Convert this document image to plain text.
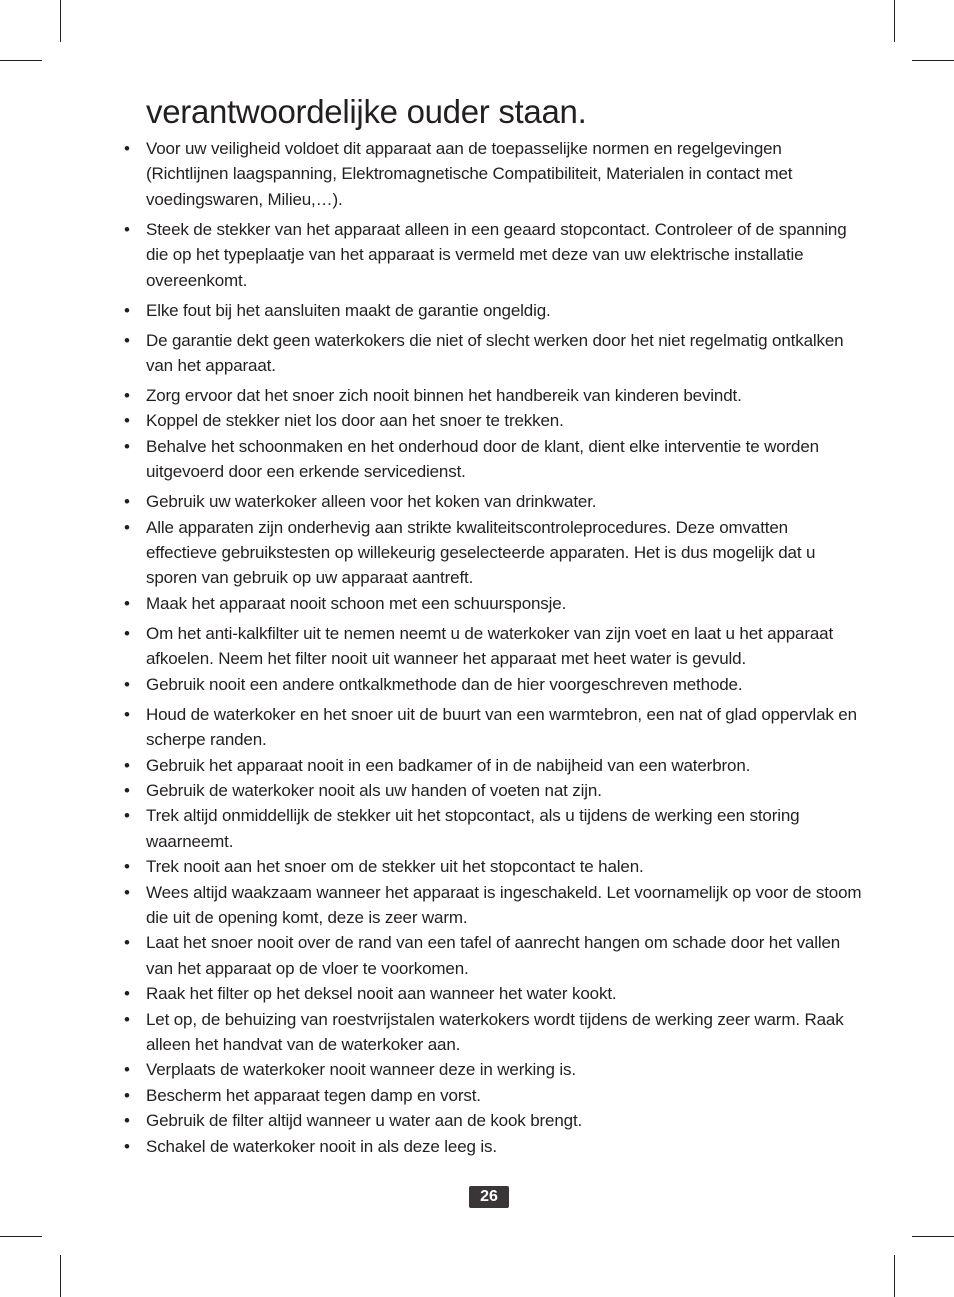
verantwoordelijke ouder staan.
• Voor uw veiligheid voldoet dit apparaat aan de toepasselijke normen en regelgevingen (Richtlijnen laagspanning, Elektromagnetische Compatibiliteit, Materialen in contact met voedingswaren, Milieu,…).
• Steek de stekker van het apparaat alleen in een geaard stopcontact. Controleer of de spanning die op het typeplaatje van het apparaat is vermeld met deze van uw elektrische installatie overeenkomt.
• Elke fout bij het aansluiten maakt de garantie ongeldig.
• De garantie dekt geen waterkokers die niet of slecht werken door het niet regelmatig ontkalken van het apparaat.
• Zorg ervoor dat het snoer zich nooit binnen het handbereik van kinderen bevindt.
• Koppel de stekker niet los door aan het snoer te trekken.
• Behalve het schoonmaken en het onderhoud door de klant, dient elke interventie te worden uitgevoerd door een erkende servicedienst.
• Gebruik uw waterkoker alleen voor het koken van drinkwater.
• Alle apparaten zijn onderhevig aan strikte kwaliteitscontroleprocedures. Deze omvatten effectieve gebruikstesten op willekeurig geselecteerde apparaten. Het is dus mogelijk dat u sporen van gebruik op uw apparaat aantreft.
• Maak het apparaat nooit schoon met een schuursponsje.
• Om het anti-kalkfilter uit te nemen neemt u de waterkoker van zijn voet en laat u het apparaat afkoelen. Neem het filter nooit uit wanneer het apparaat met heet water is gevuld.
• Gebruik nooit een andere ontkalkmethode dan de hier voorgeschreven methode.
• Houd de waterkoker en het snoer uit de buurt van een warmtebron, een nat of glad oppervlak en scherpe randen.
• Gebruik het apparaat nooit in een badkamer of in de nabijheid van een waterbron.
• Gebruik de waterkoker nooit als uw handen of voeten nat zijn.
• Trek altijd onmiddellijk de stekker uit het stopcontact, als u tijdens de werking een storing waarneemt.
• Trek nooit aan het snoer om de stekker uit het stopcontact te halen.
• Wees altijd waakzaam wanneer het apparaat is ingeschakeld. Let voornamelijk op voor de stoom die uit de opening komt, deze is zeer warm.
• Laat het snoer nooit over de rand van een tafel of aanrecht hangen om schade door het vallen van het apparaat op de vloer te voorkomen.
• Raak het filter op het deksel nooit aan wanneer het water kookt.
• Let op, de behuizing van roestvrijstalen waterkokers wordt tijdens de werking zeer warm. Raak alleen het handvat van de waterkoker aan.
• Verplaats de waterkoker nooit wanneer deze in werking is.
• Bescherm het apparaat tegen damp en vorst.
• Gebruik de filter altijd wanneer u water aan de kook brengt.
• Schakel de waterkoker nooit in als deze leeg is.
26
